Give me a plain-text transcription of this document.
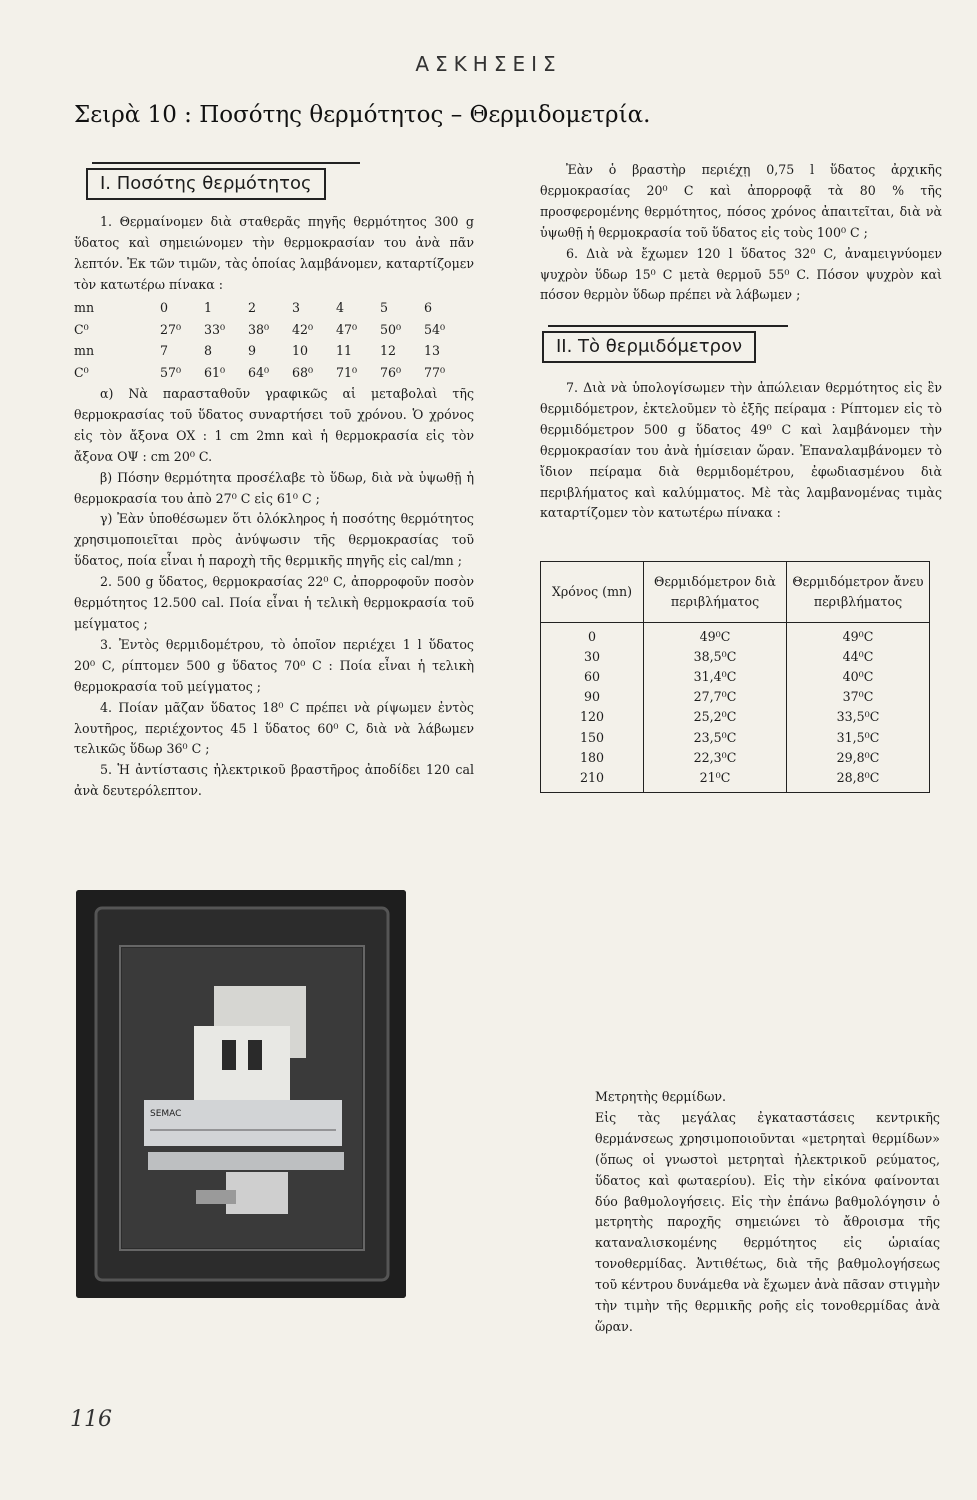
ΑΣΚΗΣΕΙΣ
Σειρὰ 10 : Ποσότης θερμότητος – Θερμιδομετρία.
I. Ποσότης θερμότητος

1. Θερμαίνομεν διὰ σταθερᾶς πηγῆς θερμότητος 300 g ὕδατος καὶ σημειώνομεν τὴν θερμοκρασίαν του ἀνὰ πᾶν λεπτόν. Ἐκ τῶν τιμῶν, τὰς ὁποίας λαμβάνομεν, καταρτίζομεν τὸν κατωτέρω πίνακα :

mn	0	1	2	3	4	5	6
C⁰	27⁰	33⁰	38⁰	42⁰	47⁰	50⁰	54⁰
mn	7	8	9	10	11	12	13
C⁰	57⁰	61⁰	64⁰	68⁰	71⁰	76⁰	77⁰

α) Νὰ παρασταθοῦν γραφικῶς αἱ μεταβολαὶ τῆς θερμοκρασίας τοῦ ὕδατος συναρτήσει τοῦ χρόνου. Ὁ χρόνος εἰς τὸν ἄξονα ΟΧ : 1 cm 2mn καὶ ἡ θερμοκρασία εἰς τὸν ἄξονα ΟΨ : cm 20⁰ C.

β) Πόσην θερμότητα προσέλαβε τὸ ὕδωρ, διὰ νὰ ὑψωθῇ ἡ θερμοκρασία του ἀπὸ 27⁰ C εἰς 61⁰ C ;

γ) Ἐὰν ὑποθέσωμεν ὅτι ὁλόκληρος ἡ ποσότης θερμότητος χρησιμοποιεῖται πρὸς ἀνύψωσιν τῆς θερμοκρασίας τοῦ ὕδατος, ποία εἶναι ἡ παροχὴ τῆς θερμικῆς πηγῆς εἰς cal/mn ;

2. 500 g ὕδατος, θερμοκρασίας 22⁰ C, ἀπορροφοῦν ποσὸν θερμότητος 12.500 cal. Ποία εἶναι ἡ τελικὴ θερμοκρασία τοῦ μείγματος ;

3. Ἐντὸς θερμιδομέτρου, τὸ ὁποῖον περιέχει 1 l ὕδατος 20⁰ C, ρίπτομεν 500 g ὕδατος 70⁰ C : Ποία εἶναι ἡ τελικὴ θερμοκρασία τοῦ μείγματος ;

4. Ποίαν μᾶζαν ὕδατος 18⁰ C πρέπει νὰ ρίψωμεν ἐντὸς λουτῆρος, περιέχοντος 45 l ὕδατος 60⁰ C, διὰ νὰ λάβωμεν τελικῶς ὕδωρ 36⁰ C ;

5. Ἡ ἀντίστασις ἠλεκτρικοῦ βραστῆρος ἀποδίδει 120 cal ἀνὰ δευτερόλεπτον.

Ἐὰν ὁ βραστὴρ περιέχῃ 0,75 l ὕδατος ἀρχικῆς θερμοκρασίας 20⁰ C καὶ ἀπορροφᾷ τὰ 80 % τῆς προσφερομένης θερμότητος, πόσος χρόνος ἀπαιτεῖται, διὰ νὰ ὑψωθῇ ἡ θερμοκρασία τοῦ ὕδατος εἰς τοὺς 100⁰ C ;

6. Διὰ νὰ ἔχωμεν 120 l ὕδατος 32⁰ C, ἀναμειγνύομεν ψυχρὸν ὕδωρ 15⁰ C μετὰ θερμοῦ 55⁰ C. Πόσον ψυχρὸν καὶ πόσον θερμὸν ὕδωρ πρέπει νὰ λάβωμεν ;

II. Τὸ θερμιδόμετρον

7. Διὰ νὰ ὑπολογίσωμεν τὴν ἀπώλειαν θερμότητος εἰς ἓν θερμιδόμετρον, ἐκτελοῦμεν τὸ ἑξῆς πείραμα : Ρίπτομεν εἰς τὸ θερμιδόμετρον 500 g ὕδατος 49⁰ C καὶ λαμβάνομεν τὴν θερμοκρασίαν του ἀνὰ ἡμίσειαν ὥραν. Ἐπαναλαμβάνομεν τὸ ἴδιον πείραμα διὰ θερμιδομέτρου, ἐφωδιασμένου διὰ περιβλήματος καὶ καλύμματος. Μὲ τὰς λαμβανομένας τιμὰς καταρτίζομεν τὸν κατωτέρω πίνακα :

Χρόνος (mn)	Θερμιδόμετρον διὰ περιβλήματος	Θερμιδόμετρον ἄνευ περιβλήματος
0	49⁰C	49⁰C
30	38,5⁰C	44⁰C
60	31,4⁰C	40⁰C
90	27,7⁰C	37⁰C
120	25,2⁰C	33,5⁰C
150	23,5⁰C	31,5⁰C
180	22,3⁰C	29,8⁰C
210	21⁰C	28,8⁰C
SEMAC

Μετρητὴς θερμίδων.

Εἰς τὰς μεγάλας ἐγκαταστάσεις κεντρικῆς θερμάνσεως χρησιμοποιοῦνται «μετρηταὶ θερμίδων» (ὅπως οἱ γνωστοὶ μετρηταὶ ἠλεκτρικοῦ ρεύματος, ὕδατος καὶ φωταερίου). Εἰς τὴν εἰκόνα φαίνονται δύο βαθμολογήσεις. Εἰς τὴν ἐπάνω βαθμολόγησιν ὁ μετρητὴς παροχῆς σημειώνει τὸ ἄθροισμα τῆς καταναλισκομένης θερμότητος εἰς ὡριαίας τονοθερμίδας. Ἀντιθέτως, διὰ τῆς βαθμολογήσεως τοῦ κέντρου δυνάμεθα νὰ ἔχωμεν ἀνὰ πᾶσαν στιγμὴν τὴν τιμὴν τῆς θερμικῆς ροῆς εἰς τονοθερμίδας ἀνὰ ὥραν.

116
